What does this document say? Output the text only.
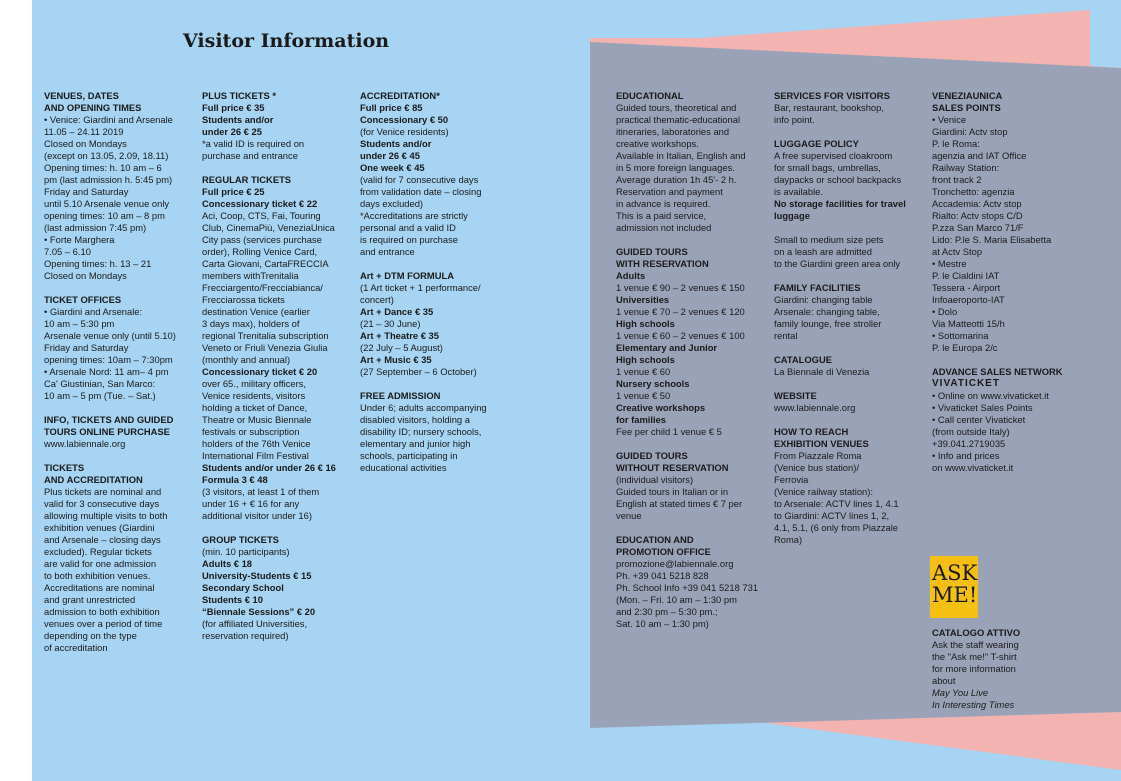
Visitor Information

VENUES, DATES

AND OPENING TIMES

• Venice: Giardini and Arsenale

11.05 – 24.11 2019

Closed on Mondays

(except on 13.05, 2.09, 18.11)

Opening times: h. 10 am – 6

pm (last admission h. 5:45 pm)

Friday and Saturday

until 5.10 Arsenale venue only

opening times: 10 am – 8 pm

(last admission 7:45 pm)

• Forte Marghera

7.05 – 6.10

Opening times: h. 13 – 21

Closed on Mondays

TICKET OFFICES

• Giardini and Arsenale:

10 am – 5:30 pm

Arsenale venue only (until 5.10)

Friday and Saturday

opening times: 10am – 7:30pm

• Arsenale Nord: 11 am– 4 pm

Ca' Giustinian, San Marco:

10 am – 5 pm (Tue. – Sat.)

INFO, TICKETS AND GUIDED

TOURS ONLINE PURCHASE

www.labiennale.org

TICKETS

AND ACCREDITATION

Plus tickets are nominal and

valid for 3 consecutive days

allowing multiple visits to both

exhibition venues (Giardini

and Arsenale – closing days

excluded). Regular tickets

are valid for one admission

to both exhibition venues.

Accreditations are nominal

and grant unrestricted

admission to both exhibition

venues over a period of time

depending on the type

of accreditation

PLUS TICKETS *

Full price € 35

Students and/or

under 26 € 25

*a valid ID is required on

purchase and entrance

REGULAR TICKETS

Full price € 25

Concessionary ticket € 22

Aci, Coop, CTS, Fai, Touring

Club, CinemaPiù, VeneziaUnica

City pass (services purchase

order), Rolling Venice Card,

Carta Giovani, CartaFRECCIA

members withTrenitalia

Frecciargento/Frecciabianca/

Frecciarossa tickets

destination Venice (earlier

3 days max), holders of

regional Trenitalia subscription

Veneto or Friuli Venezia Giulia

(monthly and annual)

Concessionary ticket € 20

over 65., military officers,

Venice residents, visitors

holding a ticket of Dance,

Theatre or Music Biennale

festivals or subscription

holders of the 76th Venice

International Film Festival

Students and/or under 26 € 16

Formula 3 € 48

(3 visitors, at least 1 of them

under 16 + € 16 for any

additional visitor under 16)

GROUP TICKETS

(min. 10 participants)

Adults € 18

University-Students € 15

Secondary School

Students € 10

“Biennale Sessions” € 20

(for affiliated Universities,

reservation required)

ACCREDITATION*

Full price € 85

Concessionary € 50

(for Venice residents)

Students and/or

under 26 € 45

One week € 45

(valid for 7 consecutive days

from validation date – closing

days excluded)

*Accreditations are strictly

personal and a valid ID

is required on purchase

and entrance

Art + DTM FORMULA

(1 Art ticket + 1 performance/

concert)

Art + Dance € 35

(21 – 30 June)

Art + Theatre € 35

(22 July – 5 August)

Art + Music € 35

(27 September – 6 October)

FREE ADMISSION

Under 6; adults accompanying

disabled visitors, holding a

disability ID; nursery schools,

elementary and junior high

schools, participating in

educational activities

EDUCATIONAL

Guided tours, theoretical and

practical thematic-educational

itineraries, laboratories and

creative workshops.

Available in Italian, English and

in 5 more foreign languages.

Average duration 1h 45'- 2 h.

Reservation and payment

in advance is required.

This is a paid service,

admission not included

GUIDED TOURS

WITH RESERVATION

Adults

1 venue € 90 – 2 venues € 150

Universities

1 venue € 70 – 2 venues € 120

High schools

1 venue € 60 – 2 venues € 100

Elementary and Junior

High schools

1 venue € 60

Nursery schools

1 venue € 50

Creative workshops

for families

Fee per child 1 venue € 5

GUIDED TOURS

WITHOUT RESERVATION

(individual visitors)

Guided tours in Italian or in

English at stated times € 7 per

venue

EDUCATION AND

PROMOTION OFFICE

promozione@labiennale.org

Ph. +39 041 5218 828

Ph. School Info +39 041 5218 731

(Mon. – Fri. 10 am – 1:30 pm

and 2:30 pm – 5:30 pm.;

Sat. 10 am – 1:30 pm)

SERVICES FOR VISITORS

Bar, restaurant, bookshop,

info point.

LUGGAGE POLICY

A free supervised cloakroom

for small bags, umbrellas,

daypacks or school backpacks

is available.

No storage facilities for travel

luggage

Small to medium size pets

on a leash are admitted

to the Giardini green area only

FAMILY FACILITIES

Giardini: changing table

Arsenale: changing table,

family lounge, free stroller

rental

CATALOGUE

La Biennale di Venezia

WEBSITE

www.labiennale.org

HOW TO REACH

EXHIBITION VENUES

From Piazzale Roma

(Venice bus station)/

Ferrovia

(Venice railway station):

to Arsenale: ACTV lines 1, 4.1

to Giardini: ACTV lines 1, 2,

4.1, 5.1, (6 only from Piazzale

Roma)

VENEZIAUNICA

SALES POINTS

• Venice

Giardini: Actv stop

P. le Roma:

agenzia and IAT Office

Railway Station:

front track 2

Tronchetto: agenzia

Accademia: Actv stop

Rialto: Actv stops C/D

P.zza San Marco 71/F

Lido: P.le S. Maria Elisabetta

at Actv Stop

• Mestre

P. le Cialdini IAT

Tessera - Airport

Infoaeroporto-IAT

• Dolo

Via Matteotti 15/h

• Sottomarina

P. le Europa 2/c

ADVANCE SALES NETWORK

VIVATICKET

• Online on www.vivaticket.it

• Vivaticket Sales Points

• Call center Vivaticket

(from outside Italy)

+39.041.2719035

• Info and prices

on www.vivaticket.it

ASK
ME!

CATALOGO ATTIVO

Ask the staff wearing

the "Ask me!" T-shirt

for more information

about

May You Live

In Interesting Times
